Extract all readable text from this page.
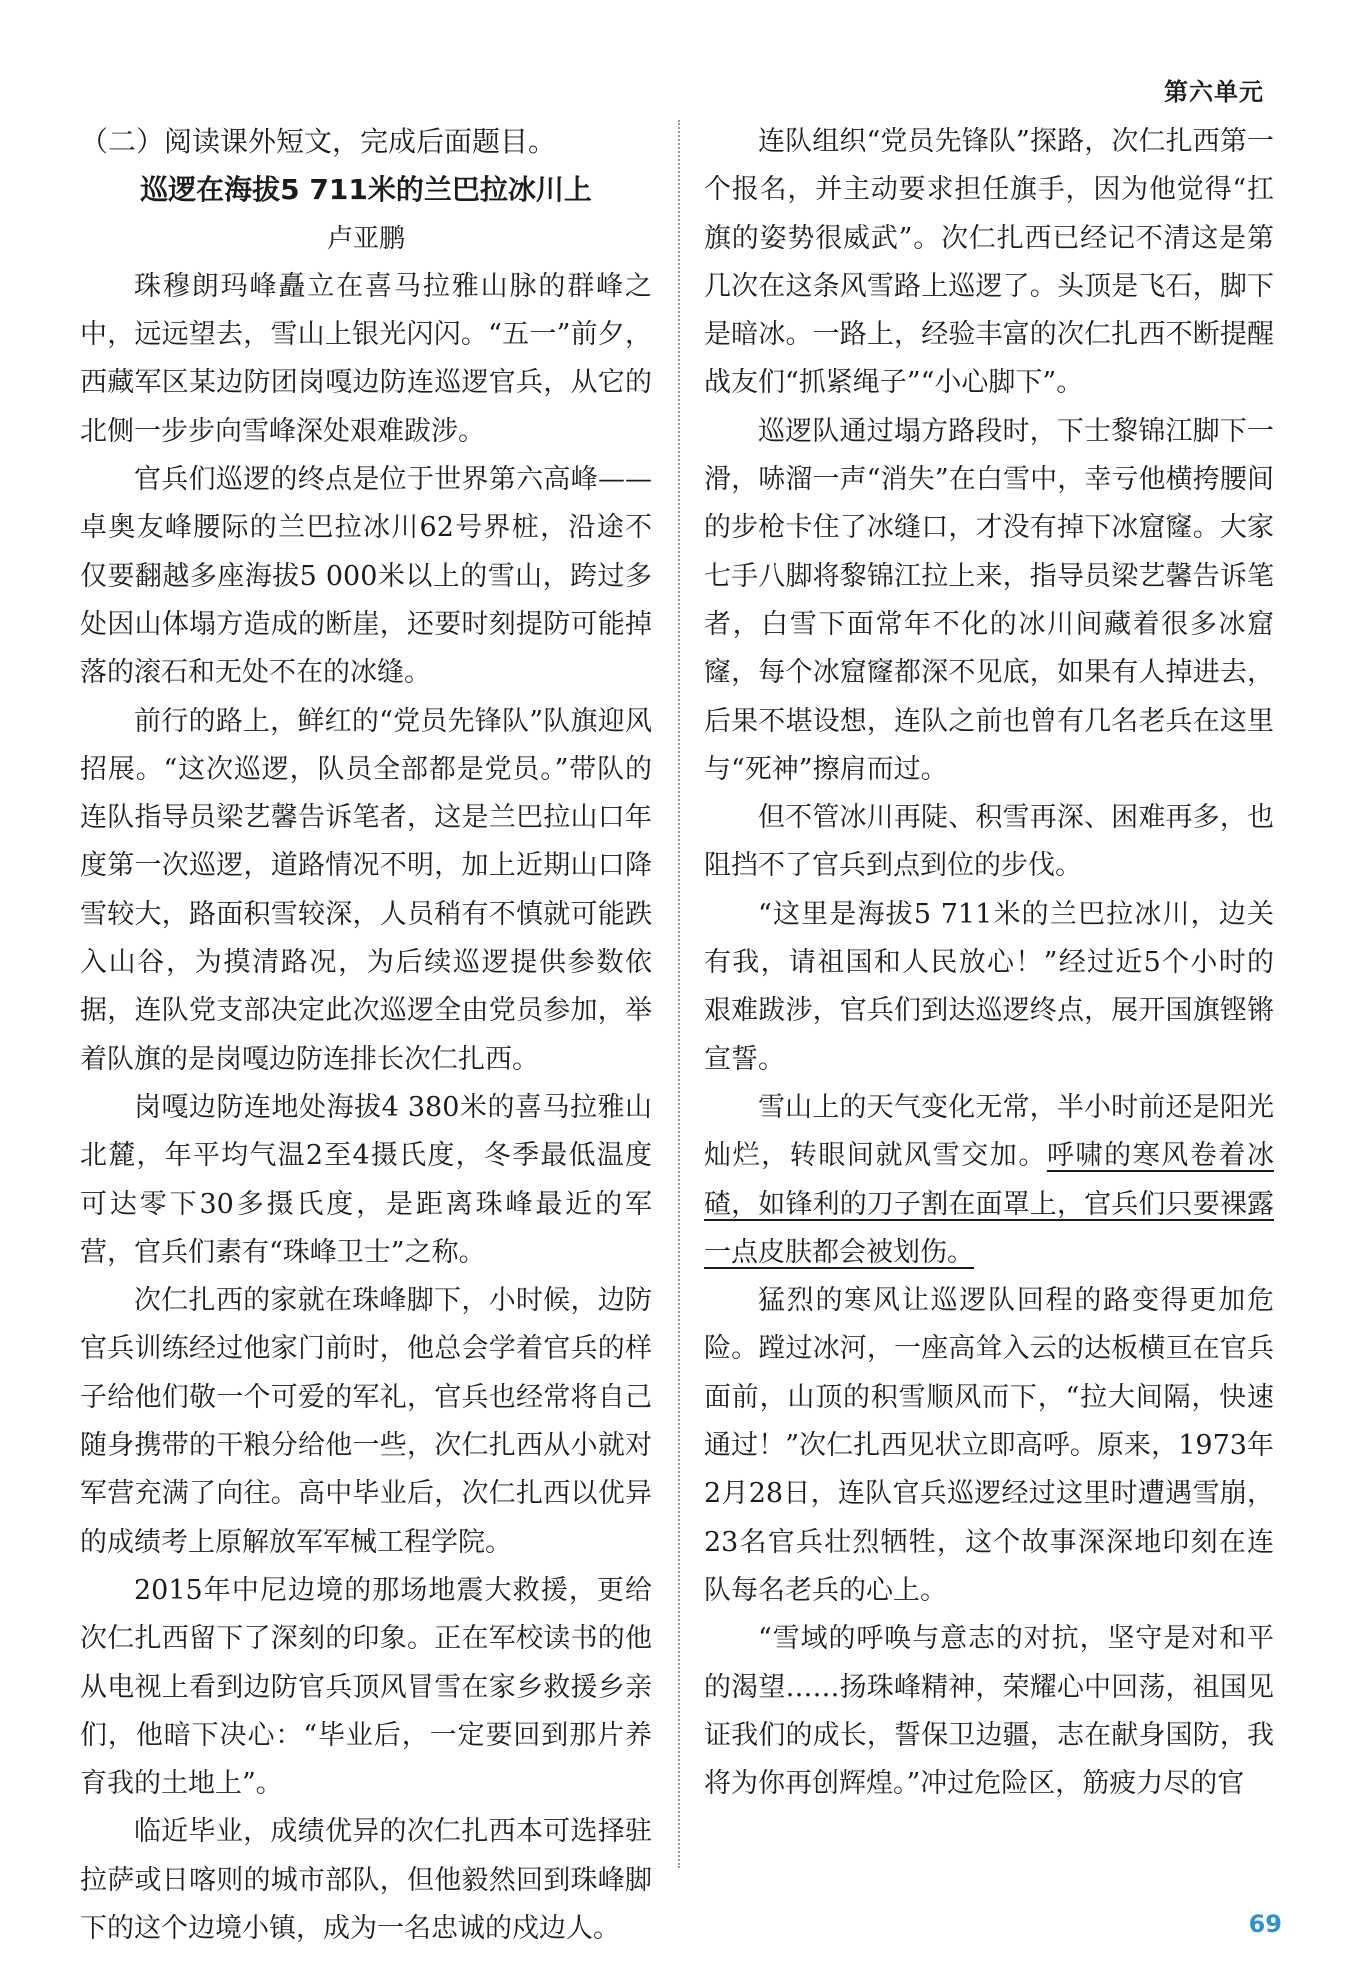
第六单元

（二）阅读课外短文，完成后面题目。

巡逻在海拔5 711米的兰巴拉冰川上

卢亚鹏

珠穆朗玛峰矗立在喜马拉雅山脉的群峰之中，远远望去，雪山上银光闪闪。“五一”前夕，西藏军区某边防团岗嘎边防连巡逻官兵，从它的北侧一步步向雪峰深处艰难跋涉。

官兵们巡逻的终点是位于世界第六高峰——卓奥友峰腰际的兰巴拉冰川62号界桩，沿途不仅要翻越多座海拔5 000米以上的雪山，跨过多处因山体塌方造成的断崖，还要时刻提防可能掉落的滚石和无处不在的冰缝。

前行的路上，鲜红的“党员先锋队”队旗迎风招展。“这次巡逻，队员全部都是党员。”带队的连队指导员梁艺馨告诉笔者，这是兰巴拉山口年度第一次巡逻，道路情况不明，加上近期山口降雪较大，路面积雪较深，人员稍有不慎就可能跌入山谷，为摸清路况，为后续巡逻提供参数依据，连队党支部决定此次巡逻全由党员参加，举着队旗的是岗嘎边防连排长次仁扎西。

岗嘎边防连地处海拔4 380米的喜马拉雅山北麓，年平均气温2至4摄氏度，冬季最低温度可达零下30多摄氏度，是距离珠峰最近的军营，官兵们素有“珠峰卫士”之称。

次仁扎西的家就在珠峰脚下，小时候，边防官兵训练经过他家门前时，他总会学着官兵的样子给他们敬一个可爱的军礼，官兵也经常将自己随身携带的干粮分给他一些，次仁扎西从小就对军营充满了向往。高中毕业后，次仁扎西以优异的成绩考上原解放军军械工程学院。

2015年中尼边境的那场地震大救援，更给次仁扎西留下了深刻的印象。正在军校读书的他从电视上看到边防官兵顶风冒雪在家乡救援乡亲们，他暗下决心：“毕业后，一定要回到那片养育我的土地上”。

临近毕业，成绩优异的次仁扎西本可选择驻拉萨或日喀则的城市部队，但他毅然回到珠峰脚下的这个边境小镇，成为一名忠诚的戍边人。

连队组织“党员先锋队”探路，次仁扎西第一个报名，并主动要求担任旗手，因为他觉得“扛旗的姿势很威武”。次仁扎西已经记不清这是第几次在这条风雪路上巡逻了。头顶是飞石，脚下是暗冰。一路上，经验丰富的次仁扎西不断提醒战友们“抓紧绳子”“小心脚下”。

巡逻队通过塌方路段时，下士黎锦江脚下一滑，哧溜一声“消失”在白雪中，幸亏他横挎腰间的步枪卡住了冰缝口，才没有掉下冰窟窿。大家七手八脚将黎锦江拉上来，指导员梁艺馨告诉笔者，白雪下面常年不化的冰川间藏着很多冰窟窿，每个冰窟窿都深不见底，如果有人掉进去，后果不堪设想，连队之前也曾有几名老兵在这里与“死神”擦肩而过。

但不管冰川再陡、积雪再深、困难再多，也阻挡不了官兵到点到位的步伐。

“这里是海拔5 711米的兰巴拉冰川，边关有我，请祖国和人民放心！”经过近5个小时的艰难跋涉，官兵们到达巡逻终点，展开国旗铿锵宣誓。

雪山上的天气变化无常，半小时前还是阳光灿烂，转眼间就风雪交加。呼啸的寒风卷着冰碴，如锋利的刀子割在面罩上，官兵们只要裸露一点皮肤都会被划伤。

猛烈的寒风让巡逻队回程的路变得更加危险。蹚过冰河，一座高耸入云的达板横亘在官兵面前，山顶的积雪顺风而下，“拉大间隔，快速通过！”次仁扎西见状立即高呼。原来，1973年2月28日，连队官兵巡逻经过这里时遭遇雪崩，23名官兵壮烈牺牲，这个故事深深地印刻在连队每名老兵的心上。

“雪域的呼唤与意志的对抗，坚守是对和平的渴望……扬珠峰精神，荣耀心中回荡，祖国见证我们的成长，誓保卫边疆，志在献身国防，我将为你再创辉煌。”冲过危险区，筋疲力尽的官

69
